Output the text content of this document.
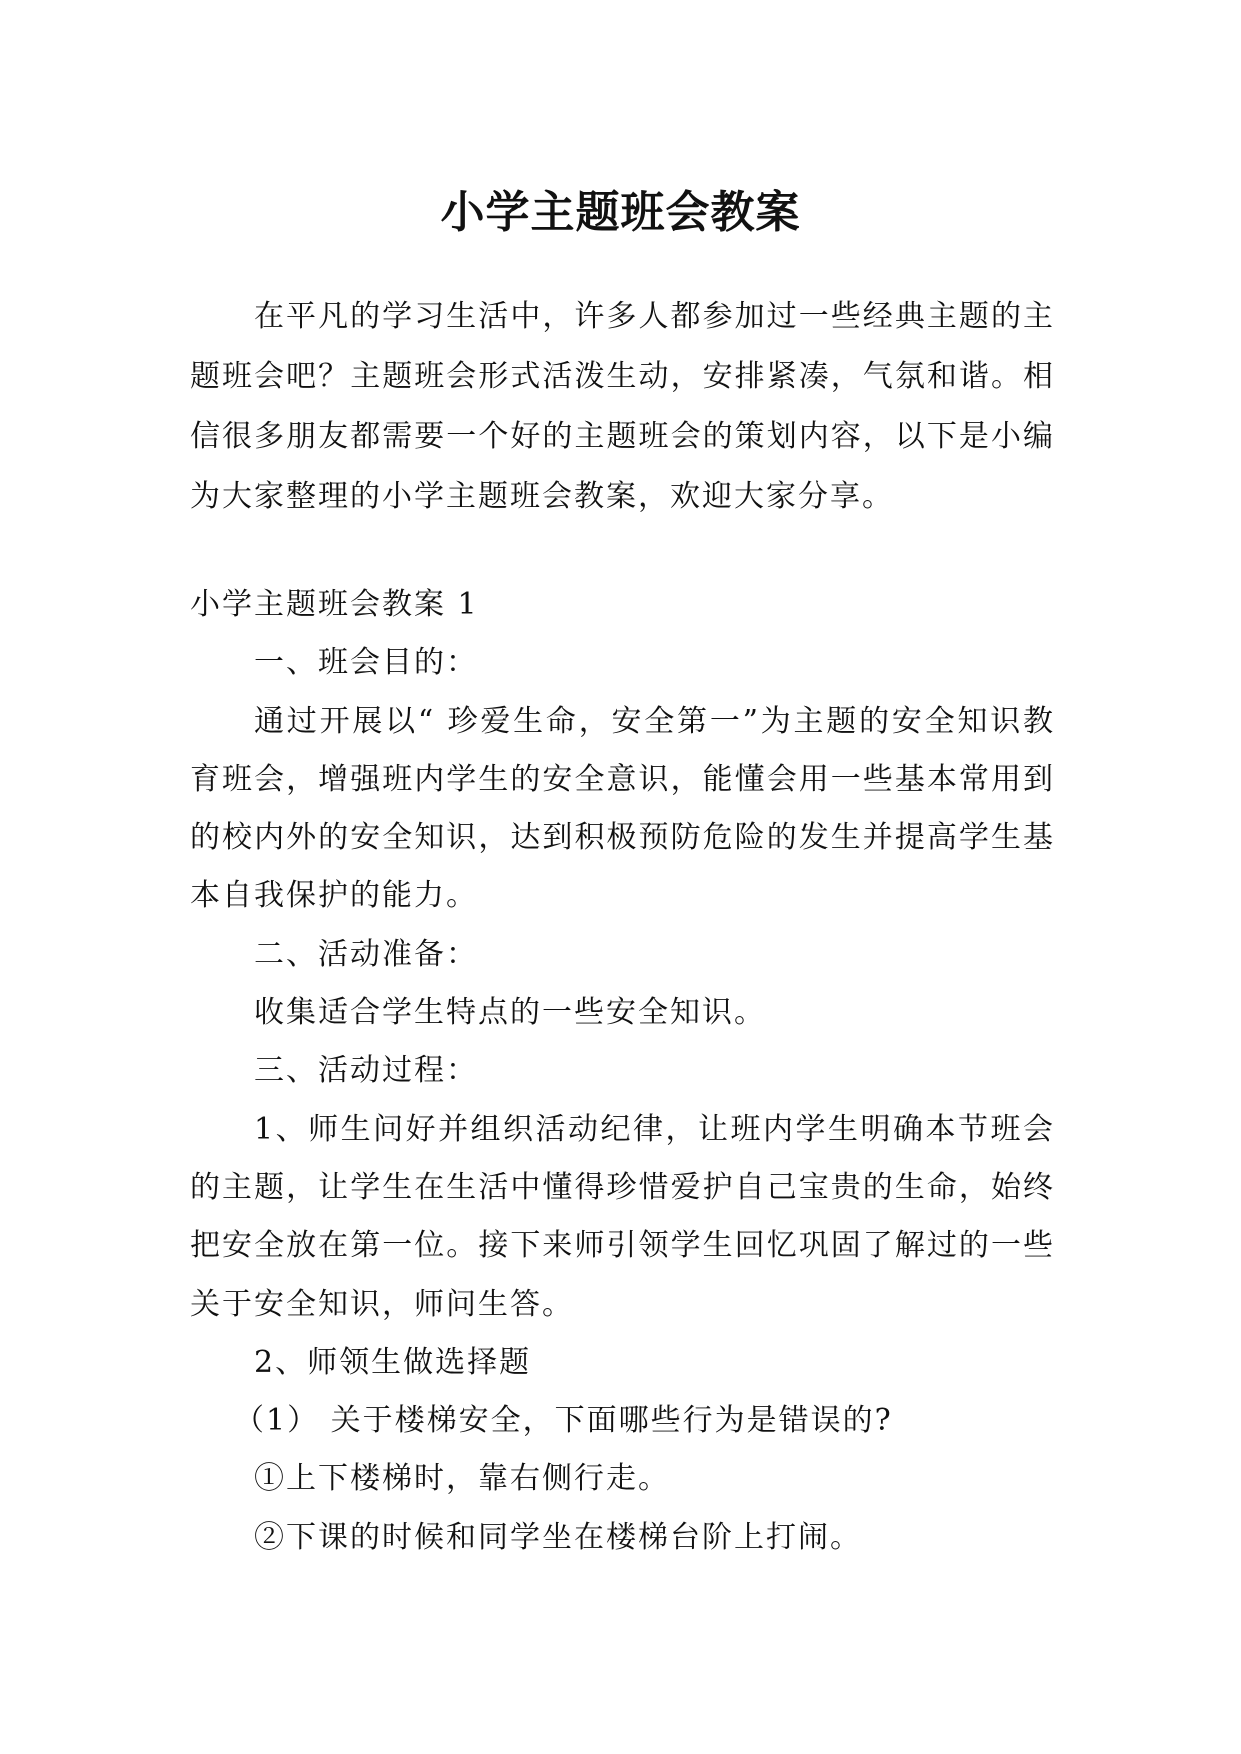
小学主题班会教案

在平凡的学习生活中，许多人都参加过一些经典主题的主题班会吧？主题班会形式活泼生动，安排紧凑，气氛和谐。相信很多朋友都需要一个好的主题班会的策划内容，以下是小编为大家整理的小学主题班会教案，欢迎大家分享。

小学主题班会教案 1

一、班会目的：

通过开展以“ 珍爱生命，安全第一”为主题的安全知识教育班会，增强班内学生的安全意识，能懂会用一些基本常用到的校内外的安全知识，达到积极预防危险的发生并提高学生基本自我保护的能力。

二、活动准备：

收集适合学生特点的一些安全知识。

三、活动过程：

1、师生问好并组织活动纪律，让班内学生明确本节班会的主题，让学生在生活中懂得珍惜爱护自己宝贵的生命，始终把安全放在第一位。接下来师引领学生回忆巩固了解过的一些关于安全知识，师问生答。

2、师领生做选择题

（1） 关于楼梯安全，下面哪些行为是错误的?

①上下楼梯时，靠右侧行走。

②下课的时候和同学坐在楼梯台阶上打闹。
